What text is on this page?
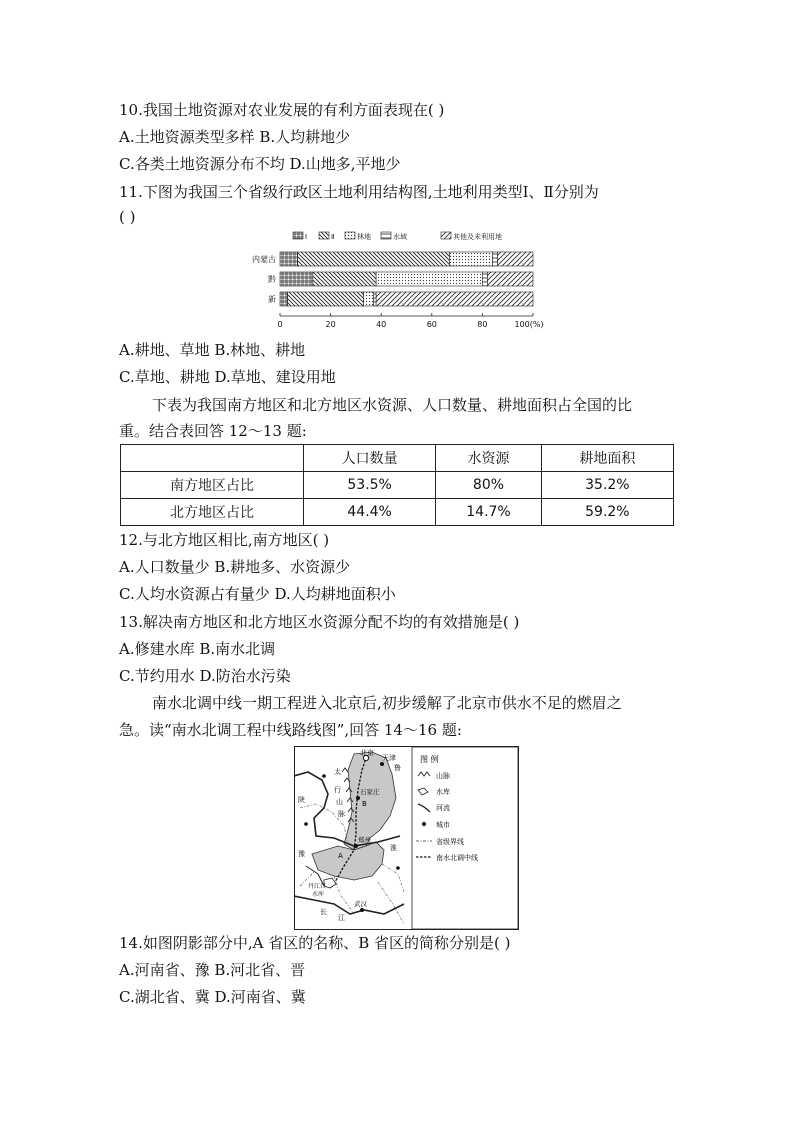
10.我国土地资源对农业发展的有利方面表现在( )
A.土地资源类型多样 B.人均耕地少
C.各类土地资源分布不均 D.山地多,平地少
11.下图为我国三个省级行政区土地利用结构图,土地利用类型Ⅰ、Ⅱ分别为
( )
Ⅰ	Ⅱ	林地	水域	其他及未利用地
内蒙古
黔
新
0	20	40	60	80	100(%)
A.耕地、草地 B.林地、耕地
C.草地、耕地 D.草地、建设用地
下表为我国南方地区和北方地区水资源、人口数量、耕地面积占全国的比
重。结合表回答 12～13 题:
	人口数量	水资源	耕地面积
南方地区占比	53.5%	80%	35.2%
北方地区占比	44.4%	14.7%	59.2%
12.与北方地区相比,南方地区( )
A.人口数量少 B.耕地多、水资源少
C.人均水资源占有量少 D.人均耕地面积小
13.解决南方地区和北方地区水资源分配不均的有效措施是( )
A.修建水库 B.南水北调
C.节约用水 D.防治水污染
南水北调中线一期工程进入北京后,初步缓解了北京市供水不足的燃眉之
急。读“南水北调工程中线路线图”,回答 14～16 题:
北京
天津
鲁
太
行
山
脉
B
A
石家庄
郑州
武汉
陕
豫
丹江口
水库
长
江
淮
图 例
山脉
水库
河流
城市
省级界线
南水北调中线
14.如图阴影部分中,A 省区的名称、B 省区的简称分别是( )
A.河南省、豫 B.河北省、晋
C.湖北省、冀 D.河南省、冀
